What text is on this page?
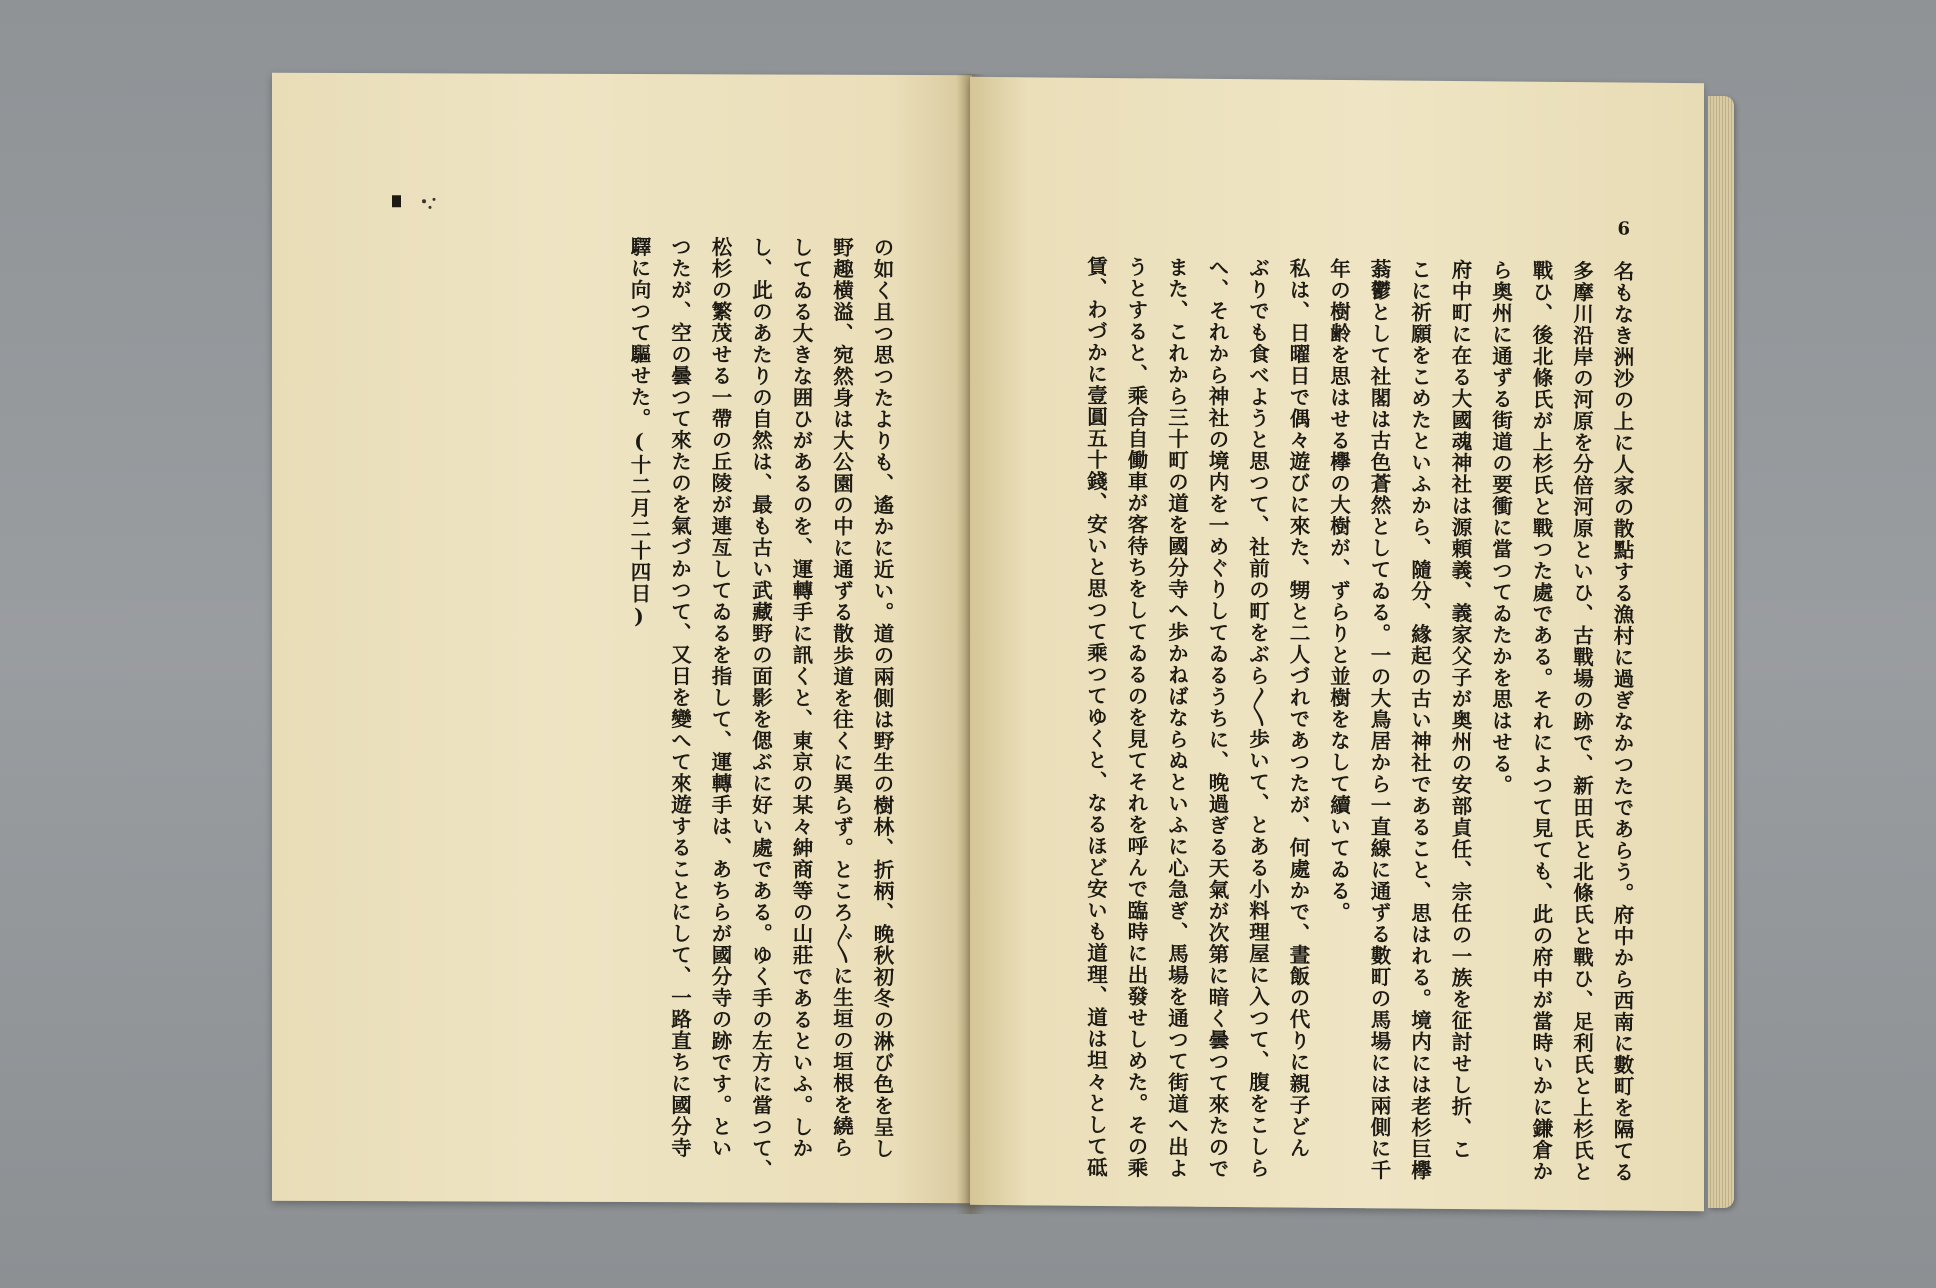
の如く且つ思つたよりも、遙かに近い。道の兩側は野生の樹林、折柄、晚秋初冬の淋び色を呈し
野趣横溢、宛然身は大公園の中に通ずる散歩道を往くに異らず。ところ〴〵に生垣の垣根を繞ら
してゐる大きな囲ひがあるのを、運轉手に訊くと、東京の某々紳商等の山莊であるといふ。しか
し、此のあたりの自然は、最も古い武藏野の面影を偲ぶに好い處である。ゆく手の左方に當つて、
松杉の繁茂せる一帶の丘陵が連亙してゐるを指して、運轉手は、あちらが國分寺の跡です。とい
つたが、空の曇つて來たのを氣づかつて、又日を變へて來遊することにして、一路直ちに國分寺
驛に向つて驅せた。(十二月二十四日)
6
名もなき洲沙の上に人家の散點する漁村に過ぎなかつたであらう。府中から西南に數町を隔てる
多摩川沿岸の河原を分倍河原といひ、古戰場の跡で、新田氏と北條氏と戰ひ、足利氏と上杉氏と
戰ひ、後北條氏が上杉氏と戰つた處である。それによつて見ても、此の府中が當時いかに鎌倉か
ら奥州に通ずる街道の要衝に當つてゐたかを思はせる。
府中町に在る大國魂神社は源頼義、義家父子が奥州の安部貞任、宗任の一族を征討せし折、こ
こに祈願をこめたといふから、隨分、緣起の古い神社であること、思はれる。境内には老杉巨欅
蓊鬱として社閣は古色蒼然としてゐる。一の大鳥居から一直線に通ずる數町の馬場には兩側に千
年の樹齢を思はせる欅の大樹が、ずらりと並樹をなして續いてゐる。
私は、日曜日で偶々遊びに來た、甥と二人づれであつたが、何處かで、晝飯の代りに親子どん
ぶりでも食べようと思つて、社前の町をぶら〳〵歩いて、とある小料理屋に入つて、腹をこしら
へ、それから神社の境内を一めぐりしてゐるうちに、晚過ぎる天氣が次第に暗く曇つて來たので
また、これから三十町の道を國分寺へ歩かねばならぬといふに心急ぎ、馬場を通つて街道へ出よ
うとすると、乘合自働車が客待ちをしてゐるのを見てそれを呼んで臨時に出發せしめた。その乘
賃、わづかに壹圓五十錢、安いと思つて乘つてゆくと、なるほど安いも道理、道は坦々として砥
